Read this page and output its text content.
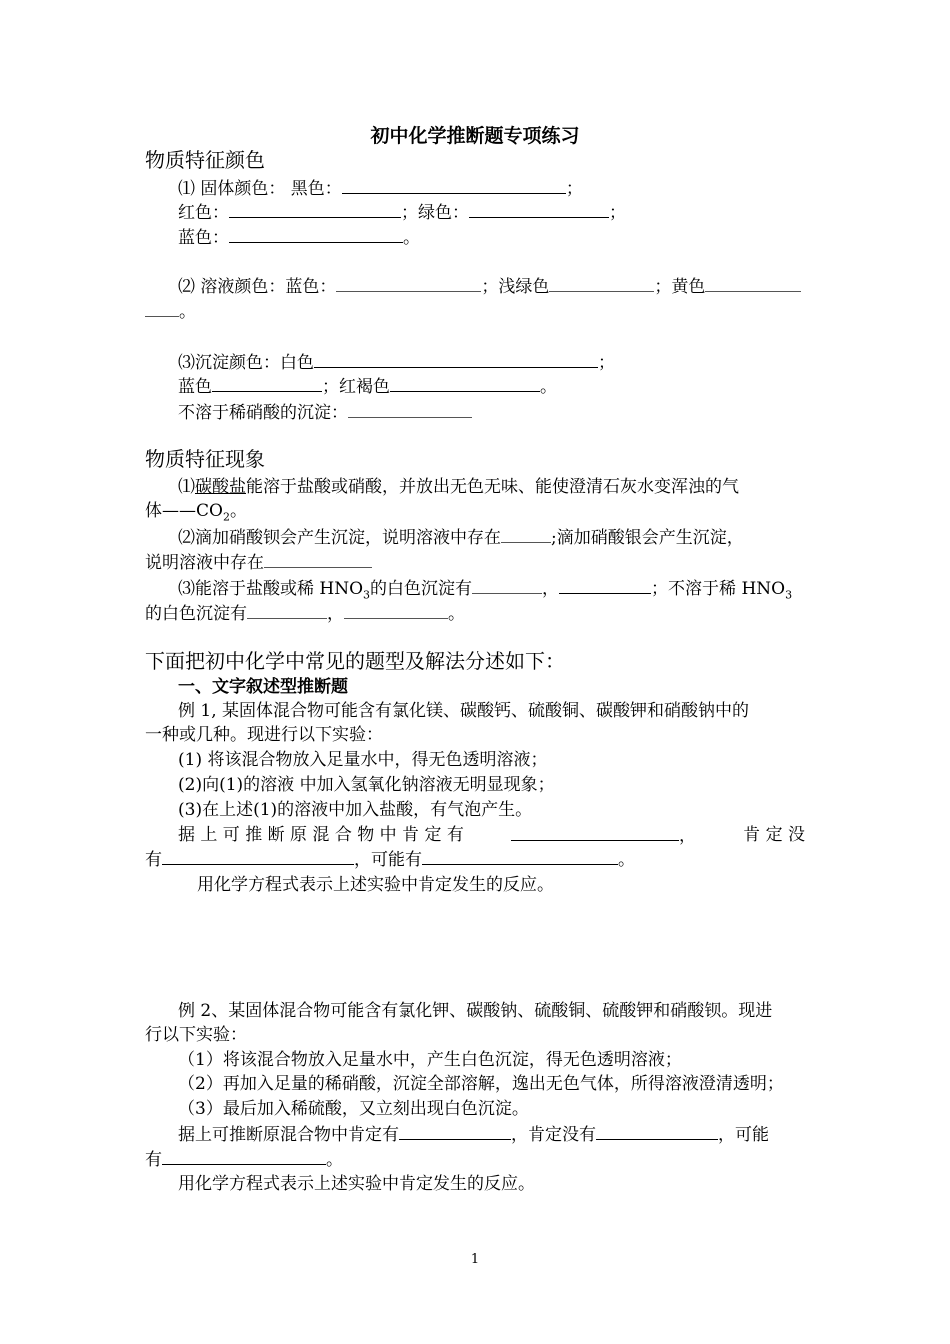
初中化学推断题专项练习
物质特征颜色
⑴ 固体颜色： 黑色：	；
红色：	；绿色：	；
蓝色：	。
⑵ 溶液颜色：蓝色：	；浅绿色	；黄色
。
⑶沉淀颜色：白色	；
蓝色	；红褐色	。
不溶于稀硝酸的沉淀：
物质特征现象
⑴碳酸盐能溶于盐酸或硝酸，并放出无色无味、能使澄清石灰水变浑浊的气
体$——CO_2$。
⑵滴加硝酸钡会产生沉淀，说明溶液中存在	;滴加硝酸银会产生沉淀，
说明溶液中存在
⑶能溶于盐酸或稀 $HNO_3$的白色沉淀有	，	；不溶于稀 $HNO_3$
的白色沉淀有	，	。
下面把初中化学中常见的题型及解法分述如下：
一、文字叙述型推断题
例 1, 某固体混合物可能含有氯化镁、碳酸钙、硫酸铜、碳酸钾和硝酸钠中的
一种或几种。现进行以下实验：
(1) 将该混合物放入足量水中，得无色透明溶液；
(2)向(1)的溶液 中加入氢氧化钠溶液无明显现象；
(3)在上述(1)的溶液中加入盐酸，有气泡产生。
据 上 可 推 断 原 混 合 物 中 肯 定 有	，	肯 定 没
有	，可能有	。
用化学方程式表示上述实验中肯定发生的反应。
例 2、某固体混合物可能含有氯化钾、碳酸钠、硫酸铜、硫酸钾和硝酸钡。现进
行以下实验：
（1）将该混合物放入足量水中，产生白色沉淀，得无色透明溶液；
（2）再加入足量的稀硝酸，沉淀全部溶解，逸出无色气体，所得溶液澄清透明；
（3）最后加入稀硫酸，又立刻出现白色沉淀。
据上可推断原混合物中肯定有	，肯定没有	，可能
有	。
用化学方程式表示上述实验中肯定发生的反应。
1
